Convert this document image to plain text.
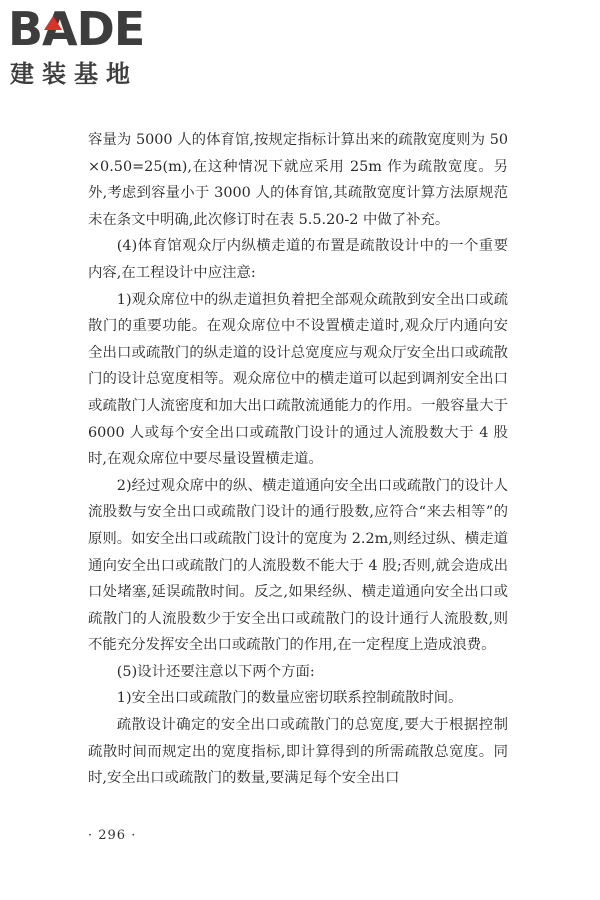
BADE
建装基地

容量为 5000 人的体育馆,按规定指标计算出来的疏散宽度则为 50×0.50=25(m),在这种情况下就应采用 25m 作为疏散宽度。另外,考虑到容量小于 3000 人的体育馆,其疏散宽度计算方法原规范未在条文中明确,此次修订时在表 5.5.20-2 中做了补充。

(4)体育馆观众厅内纵横走道的布置是疏散设计中的一个重要内容,在工程设计中应注意:

1)观众席位中的纵走道担负着把全部观众疏散到安全出口或疏散门的重要功能。在观众席位中不设置横走道时,观众厅内通向安全出口或疏散门的纵走道的设计总宽度应与观众厅安全出口或疏散门的设计总宽度相等。观众席位中的横走道可以起到调剂安全出口或疏散门人流密度和加大出口疏散流通能力的作用。一般容量大于 6000 人或每个安全出口或疏散门设计的通过人流股数大于 4 股时,在观众席位中要尽量设置横走道。

2)经过观众席中的纵、横走道通向安全出口或疏散门的设计人流股数与安全出口或疏散门设计的通行股数,应符合“来去相等”的原则。如安全出口或疏散门设计的宽度为 2.2m,则经过纵、横走道通向安全出口或疏散门的人流股数不能大于 4 股;否则,就会造成出口处堵塞,延误疏散时间。反之,如果经纵、横走道通向安全出口或疏散门的人流股数少于安全出口或疏散门的设计通行人流股数,则不能充分发挥安全出口或疏散门的作用,在一定程度上造成浪费。

(5)设计还要注意以下两个方面:

1)安全出口或疏散门的数量应密切联系控制疏散时间。

疏散设计确定的安全出口或疏散门的总宽度,要大于根据控制疏散时间而规定出的宽度指标,即计算得到的所需疏散总宽度。同时,安全出口或疏散门的数量,要满足每个安全出口

· 296 ·
